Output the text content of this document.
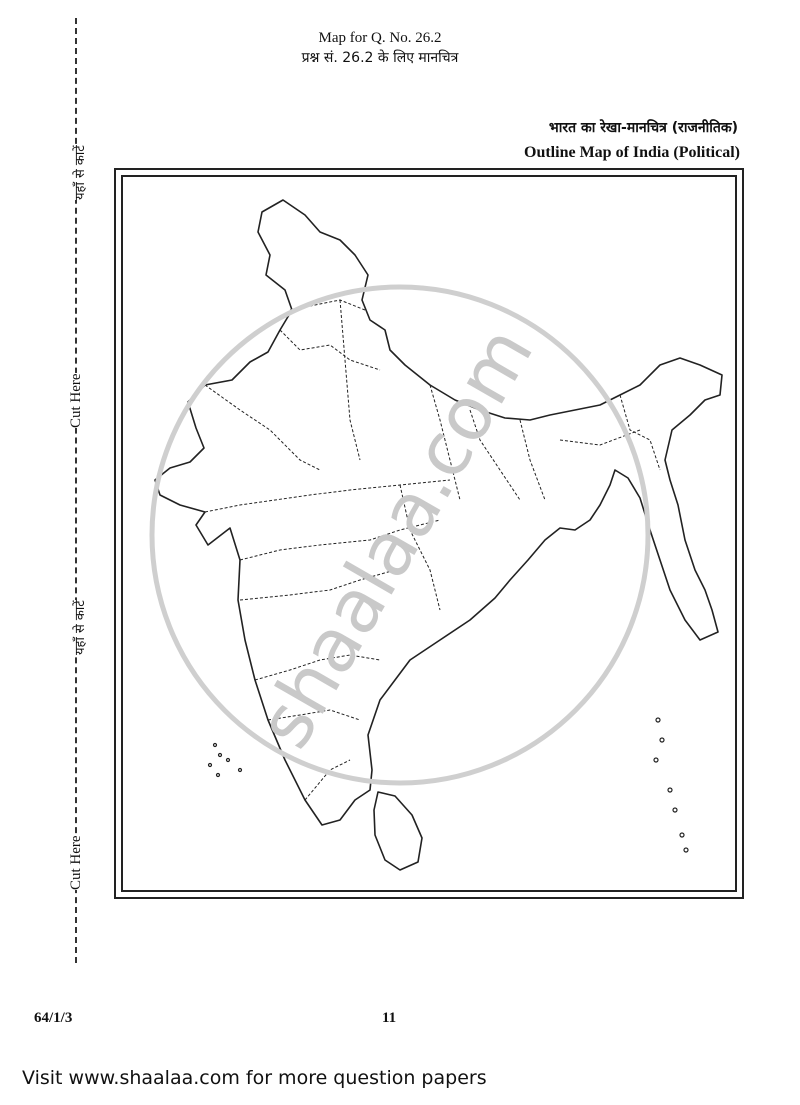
Map for Q. No. 26.2
प्रश्न सं. 26.2 के लिए मानचित्र
भारत का रेखा-मानचित्र (राजनीतिक)
Outline Map of India (Political)
यहाँ से काटें
Cut Here
यहाँ से काटें
Cut Here
shaalaa.com
64/1/3	11
Visit www.shaalaa.com for more question papers
